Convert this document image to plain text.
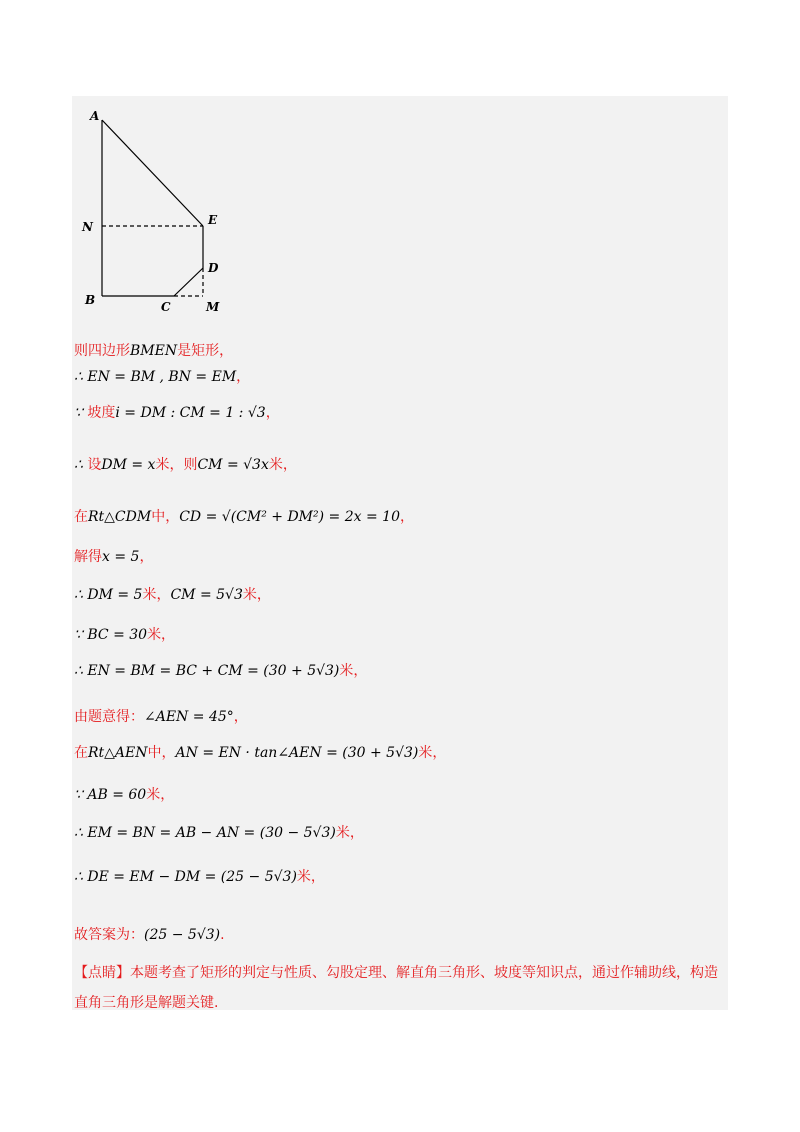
A
N
B	C
E
D
M
则四边形BMEN是矩形，
∴ EN = BM , BN = EM，
∵ 坡度i = DM : CM = 1 : √3，
∴ 设DM = x米，则CM = √3x米，
在Rt△CDM中，CD = √(CM² + DM²) = 2x = 10，
解得x = 5，
∴ DM = 5米，CM = 5√3米，
∵ BC = 30米，
∴ EN = BM = BC + CM = (30 + 5√3)米，
由题意得：∠AEN = 45°，
在Rt△AEN中，AN = EN · tan∠AEN = (30 + 5√3)米，
∵ AB = 60米，
∴ EM = BN = AB − AN = (30 − 5√3)米，
∴ DE = EM − DM = (25 − 5√3)米，
故答案为：(25 − 5√3).
【点睛】本题考查了矩形的判定与性质、勾股定理、解直角三角形、坡度等知识点，通过作辅助线，构造直角三角形是解题关键.
